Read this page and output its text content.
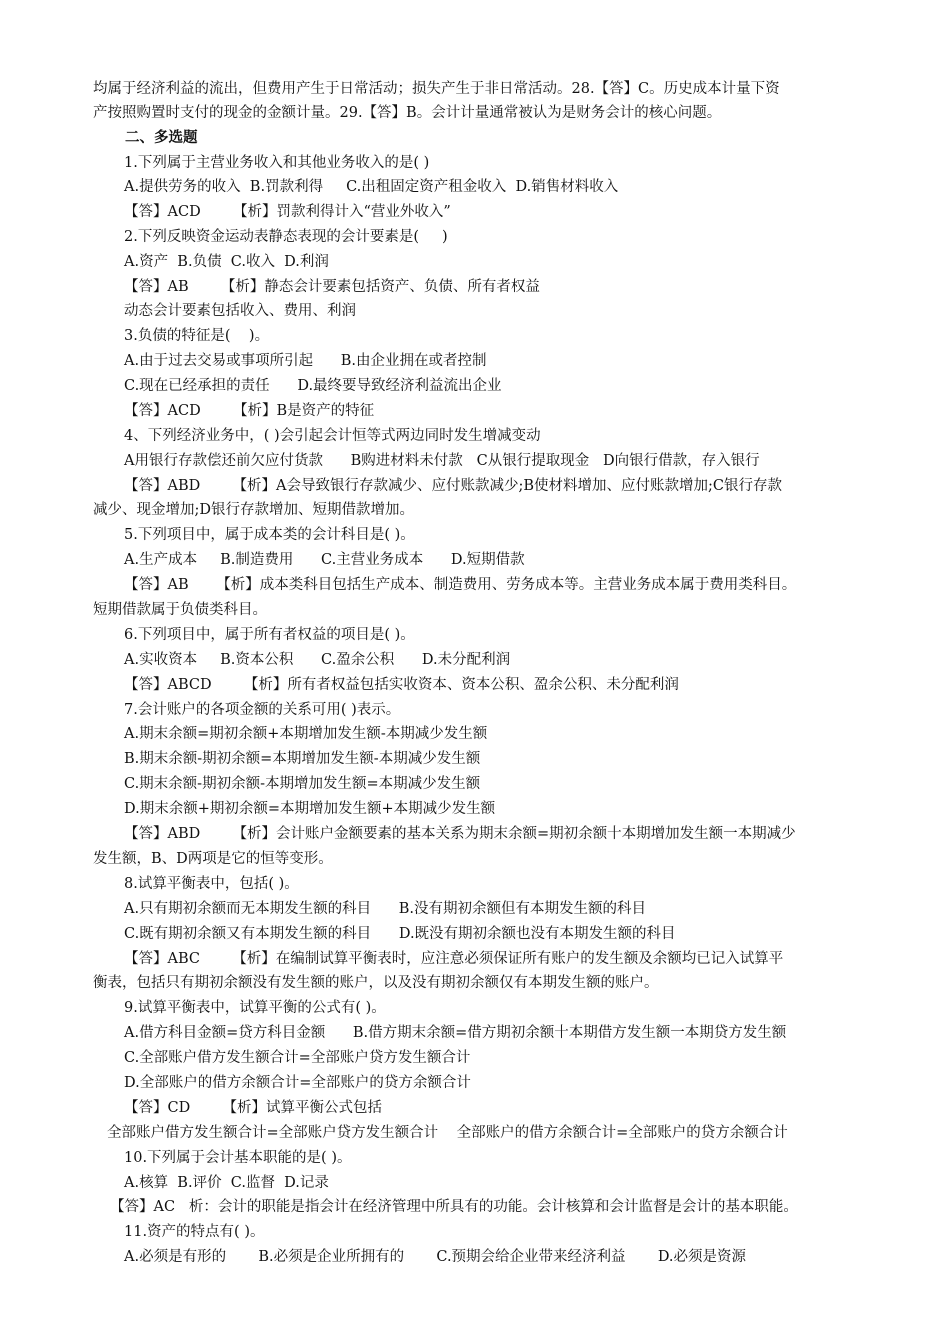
均属于经济利益的流出，但费用产生于日常活动；损失产生于非日常活动。28.【答】C。历史成本计量下资
产按照购置时支付的现金的金额计量。29.【答】B。会计计量通常被认为是财务会计的核心问题。
二、多选题
1.下列属于主营业务收入和其他业务收入的是( )
A.提供劳务的收入  B.罚款利得     C.出租固定资产租金收入  D.销售材料收入
【答】ACD       【析】罚款利得计入“营业外收入”
2.下列反映资金运动表静态表现的会计要素是(     )
A.资产  B.负债  C.收入  D.利润
【答】AB       【析】静态会计要素包括资产、负债、所有者权益
动态会计要素包括收入、费用、利润
3.负债的特征是(    )。
A.由于过去交易或事项所引起      B.由企业拥在或者控制
C.现在已经承担的责任      D.最终要导致经济利益流出企业
【答】ACD       【析】B是资产的特征
4、下列经济业务中，( )会引起会计恒等式两边同时发生增减变动
A用银行存款偿还前欠应付货款      B购进材料未付款   C从银行提取现金   D向银行借款，存入银行
【答】ABD       【析】A会导致银行存款减少、应付账款减少;B使材料增加、应付账款增加;C银行存款
减少、现金增加;D银行存款增加、短期借款增加。
5.下列项目中，属于成本类的会计科目是( )。
A.生产成本     B.制造费用      C.主营业务成本      D.短期借款
【答】AB      【析】成本类科目包括生产成本、制造费用、劳务成本等。主营业务成本属于费用类科目。
短期借款属于负债类科目。
6.下列项目中，属于所有者权益的项目是( )。
A.实收资本     B.资本公积      C.盈余公积      D.未分配利润
【答】ABCD       【析】所有者权益包括实收资本、资本公积、盈余公积、未分配利润
7.会计账户的各项金额的关系可用( )表示。
A.期末余额=期初余额+本期增加发生额-本期减少发生额
B.期末余额-期初余额=本期增加发生额-本期减少发生额
C.期末余额-期初余额-本期增加发生额=本期减少发生额
D.期末余额+期初余额=本期增加发生额+本期减少发生额
【答】ABD       【析】会计账户金额要素的基本关系为期末余额=期初余额十本期增加发生额一本期减少
发生额，B、D两项是它的恒等变形。
8.试算平衡表中，包括( )。
A.只有期初余额而无本期发生额的科目      B.没有期初余额但有本期发生额的科目
C.既有期初余额又有本期发生额的科目      D.既没有期初余额也没有本期发生额的科目
【答】ABC       【析】在编制试算平衡表时，应注意必须保证所有账户的发生额及余额均已记入试算平
衡表，包括只有期初余额没有发生额的账户，以及没有期初余额仅有本期发生额的账户。
9.试算平衡表中，试算平衡的公式有( )。
A.借方科目金额=贷方科目金额      B.借方期末余额=借方期初余额十本期借方发生额一本期贷方发生额
C.全部账户借方发生额合计=全部账户贷方发生额合计
D.全部账户的借方余额合计=全部账户的贷方余额合计
【答】CD       【析】试算平衡公式包括
全部账户借方发生额合计=全部账户贷方发生额合计    全部账户的借方余额合计=全部账户的贷方余额合计
10.下列属于会计基本职能的是( )。
A.核算  B.评价  C.监督  D.记录
【答】AC   析：会计的职能是指会计在经济管理中所具有的功能。会计核算和会计监督是会计的基本职能。
11.资产的特点有( )。
A.必须是有形的       B.必须是企业所拥有的       C.预期会给企业带来经济利益       D.必须是资源
